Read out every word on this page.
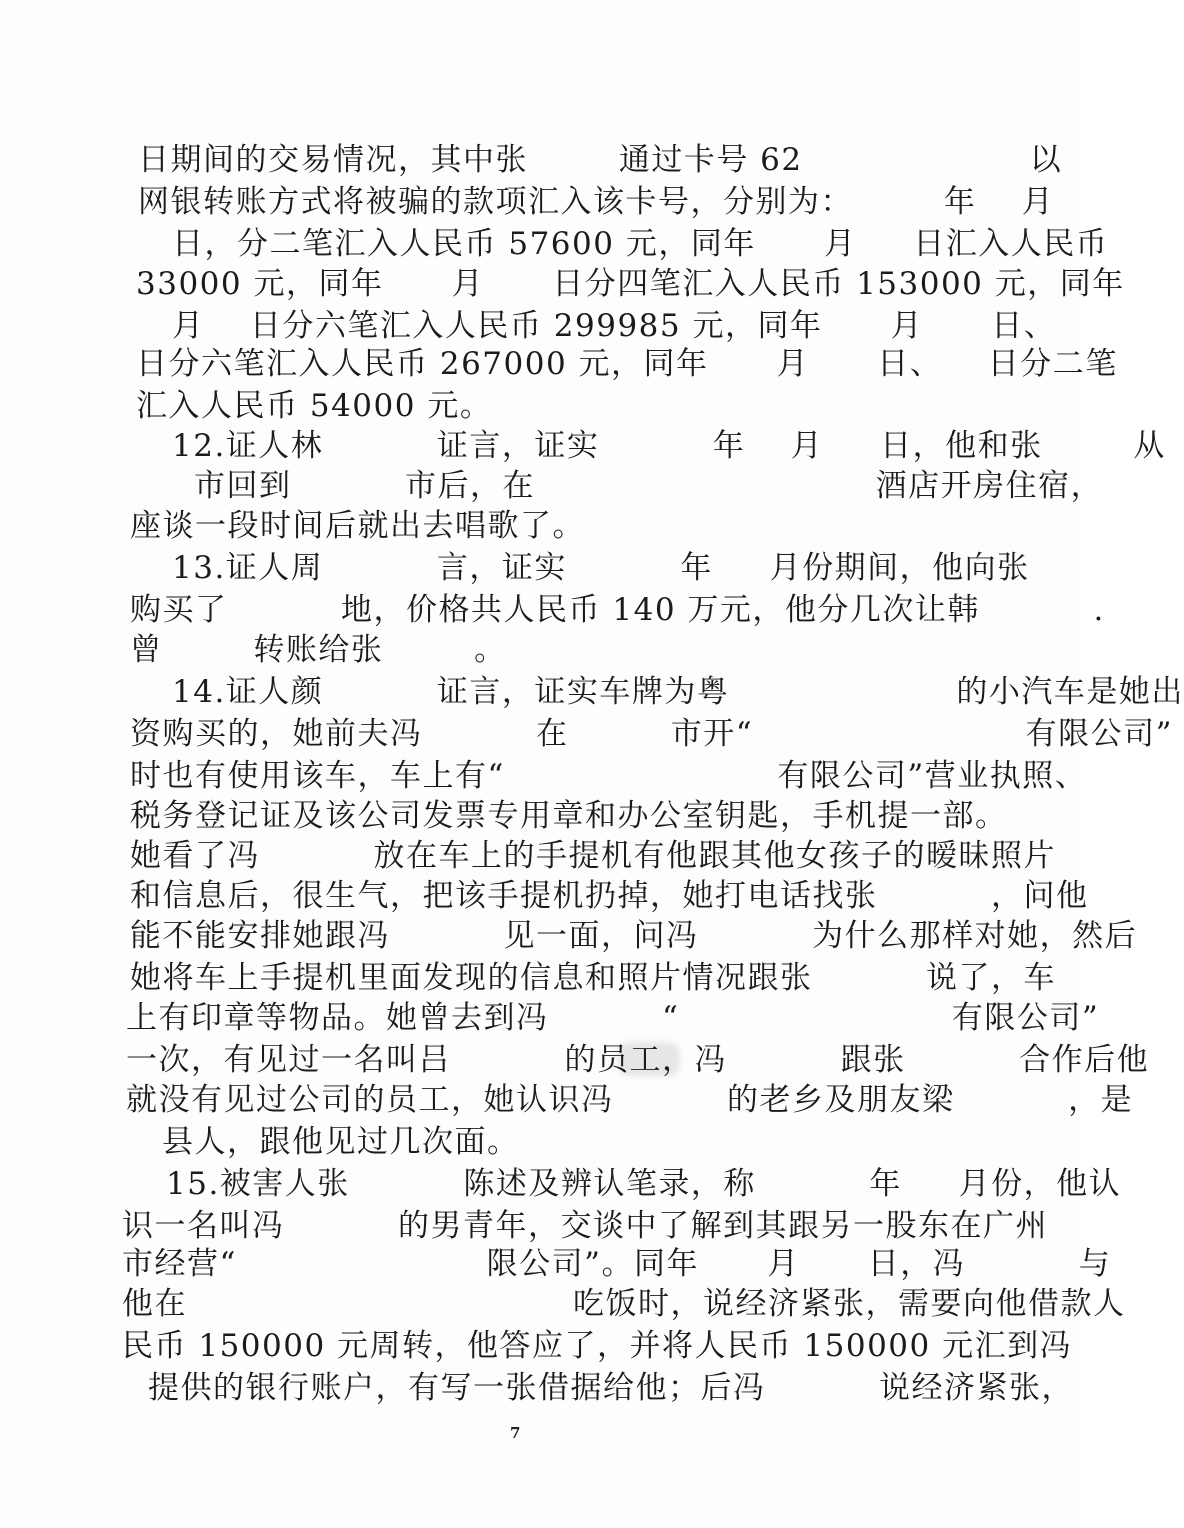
日期间的交易情况，其中张        通过卡号 62                    以
网银转账方式将被骗的款项汇入该卡号，分别为：        年    月
日，分二笔汇入人民币 57600 元，同年      月     日汇入人民币
33000 元，同年      月      日分四笔汇入人民币 153000 元，同年
月    日分六笔汇入人民币 299985 元，同年      月      日、
日分六笔汇入人民币 267000 元，同年      月      日、    日分二笔
汇入人民币 54000 元。
12.证人林          证言，证实          年    月     日，他和张        从
市回到          市后，在                              酒店开房住宿，
座谈一段时间后就出去唱歌了。
13.证人周          言，证实          年     月份期间，他向张
购买了          地，价格共人民币 140 万元，他分几次让韩          .
曾        转账给张        。
14.证人颜          证言，证实车牌为粤                    的小汽车是她出
资购买的，她前夫冯          在         市开“                        有限公司”
时也有使用该车，车上有“                        有限公司”营业执照、
税务登记证及该公司发票专用章和办公室钥匙，手机提一部。
她看了冯          放在车上的手提机有他跟其他女孩子的暧昧照片
和信息后，很生气，把该手提机扔掉，她打电话找张          ，问他
能不能安排她跟冯          见一面，问冯          为什么那样对她，然后
她将车上手提机里面发现的信息和照片情况跟张          说了，车
上有印章等物品。她曾去到冯          “                        有限公司”
一次，有见过一名叫吕          的员工，冯          跟张          合作后他
就没有见过公司的员工，她认识冯          的老乡及朋友梁          ，是
县人，跟他见过几次面。
15.被害人张          陈述及辨认笔录，称          年     月份，他认
识一名叫冯          的男青年，交谈中了解到其跟另一股东在广州
市经营“                      限公司”。同年      月      日，冯          与
他在                                  吃饭时，说经济紧张，需要向他借款人
民币 150000 元周转，他答应了，并将人民币 150000 元汇到冯
提供的银行账户，有写一张借据给他；后冯          说经济紧张，
7
